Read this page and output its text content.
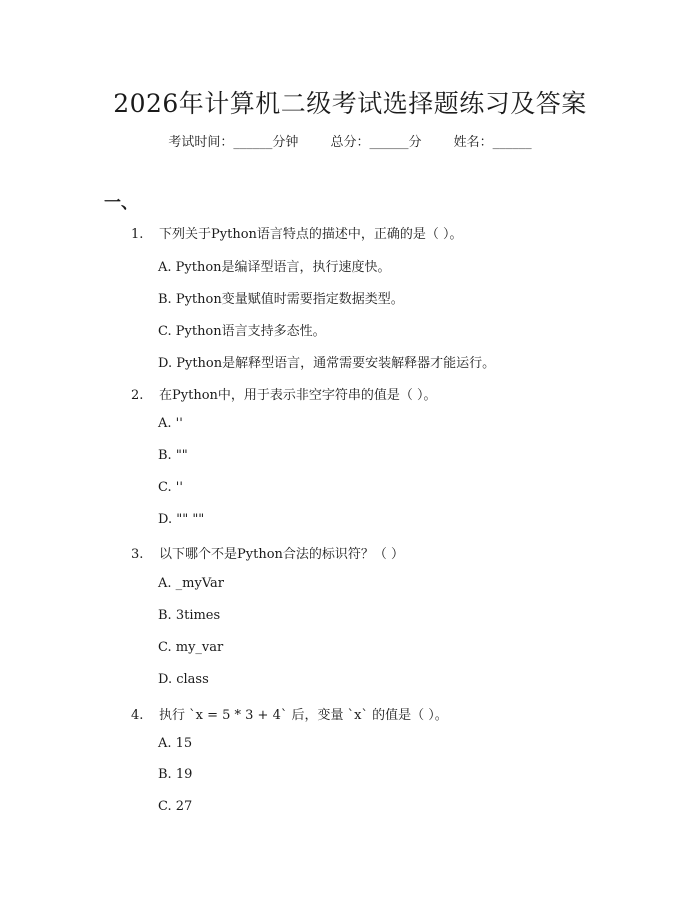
2026年计算机二级考试选择题练习及答案
考试时间：______分钟 总分：______分 姓名：______
一、
1. 下列关于Python语言特点的描述中，正确的是（ ）。
A. Python是编译型语言，执行速度快。
B. Python变量赋值时需要指定数据类型。
C. Python语言支持多态性。
D. Python是解释型语言，通常需要安装解释器才能运行。
2. 在Python中，用于表示非空字符串的值是（ ）。
A. ''
B. ""
C. ''
D. "" ""
3. 以下哪个不是Python合法的标识符？（ ）
A. _myVar
B. 3times
C. my_var
D. class
4. 执行 `x = 5 * 3 + 4` 后，变量 `x` 的值是（ ）。
A. 15
B. 19
C. 27
